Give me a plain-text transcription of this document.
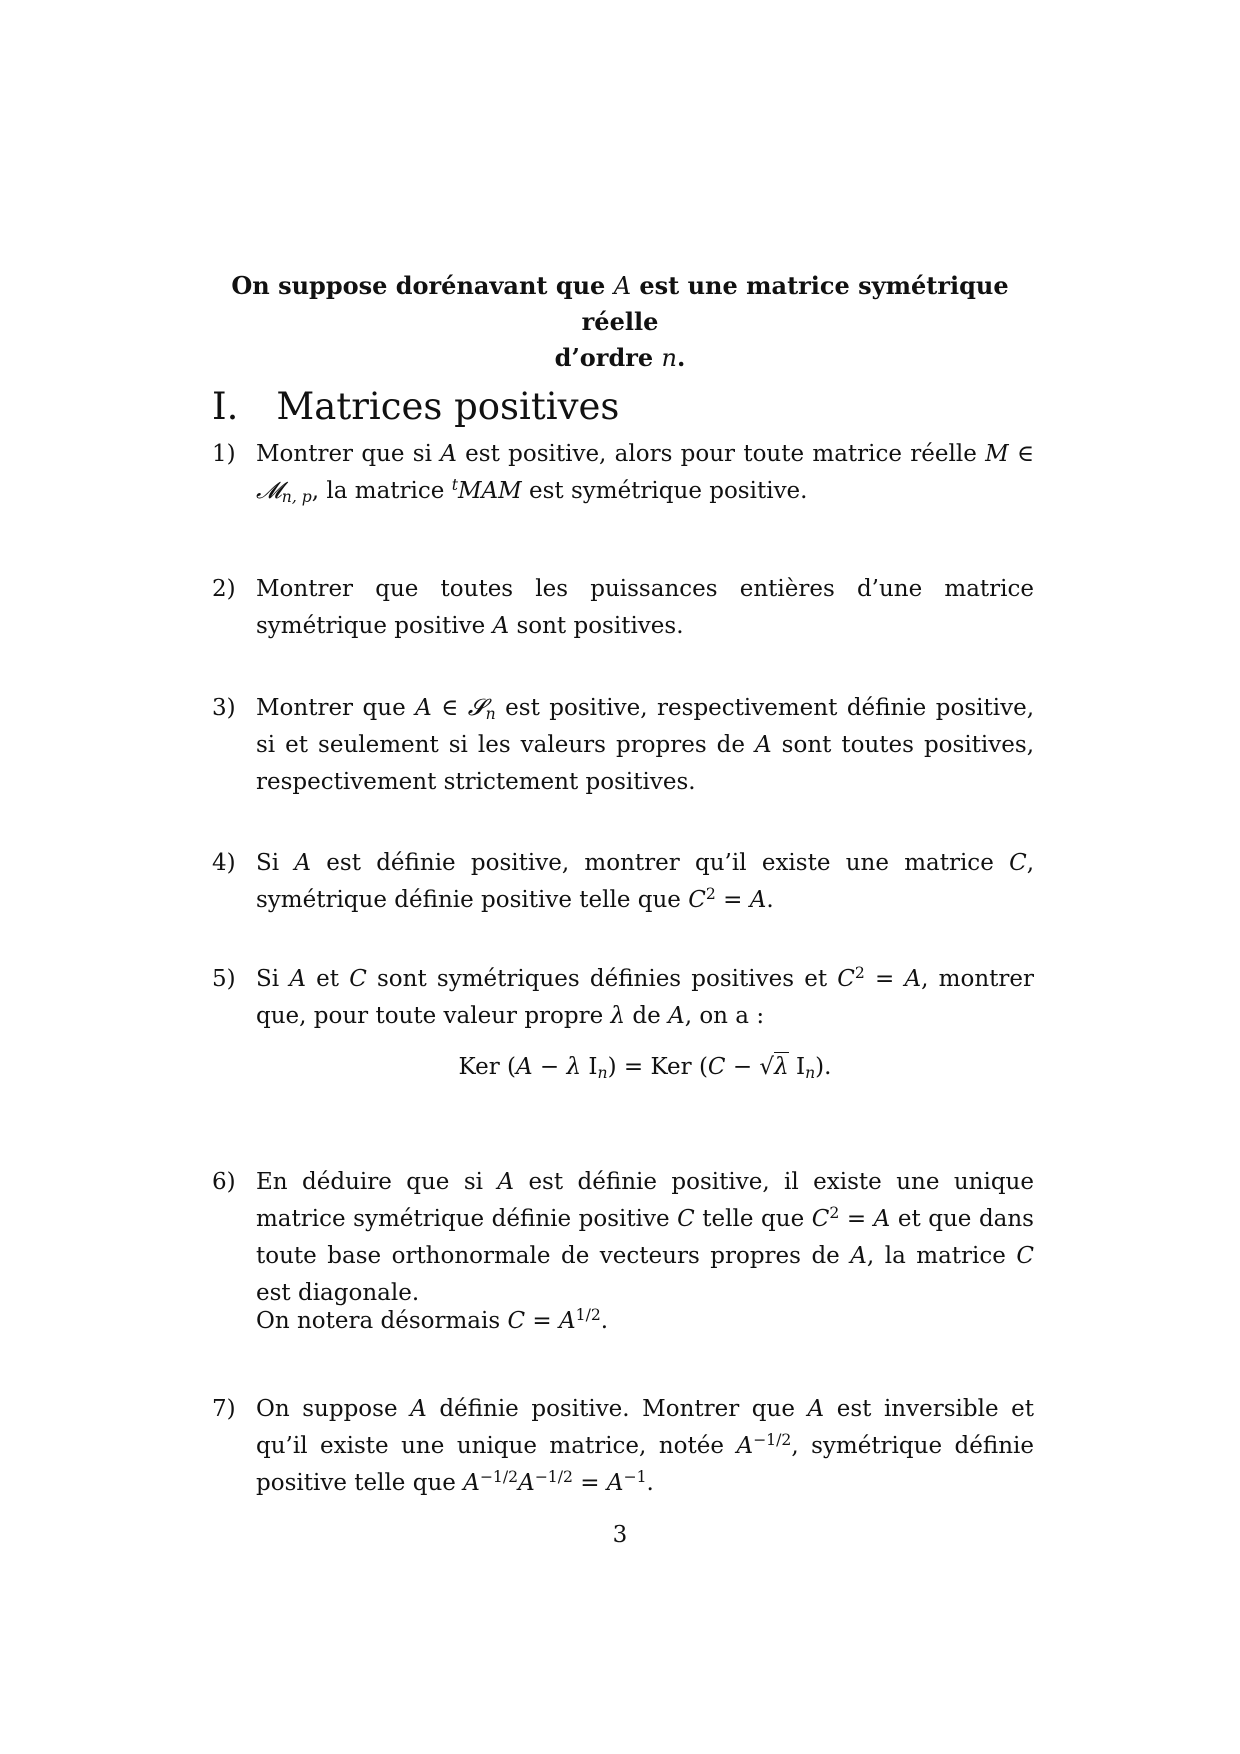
On suppose dorénavant que A est une matrice symétrique réelle
d’ordre n.
I. Matrices positives
1) Montrer que si A est positive, alors pour toute matrice réelle M ∈ 𝓜$_{n, p}$, la matrice $^t$MAM est symétrique positive.
2) Montrer que toutes les puissances entières d’une matrice symétrique positive A sont positives.
3) Montrer que A ∈ 𝓢$_n$ est positive, respectivement définie positive, si et seulement si les valeurs propres de A sont toutes positives, respectivement strictement positives.
4) Si A est définie positive, montrer qu’il existe une matrice C, symétrique définie positive telle que $C^2 = A$.
5) Si A et C sont symétriques définies positives et $C^2 = A$, montrer que, pour toute valeur propre λ de A, on a :
Ker (A − λ $I_n$) = Ker (C − √λ $I_n$).
6) En déduire que si A est définie positive, il existe une unique matrice symétrique définie positive C telle que $C^2 = A$ et que dans toute base orthonormale de vecteurs propres de A, la matrice C est diagonale.
On notera désormais $C = A^{1/2}$.
7) On suppose A définie positive. Montrer que A est inversible et qu’il existe une unique matrice, notée $A^{-1/2}$, symétrique définie positive telle que $A^{-1/2}A^{-1/2} = A^{-1}$.
3
